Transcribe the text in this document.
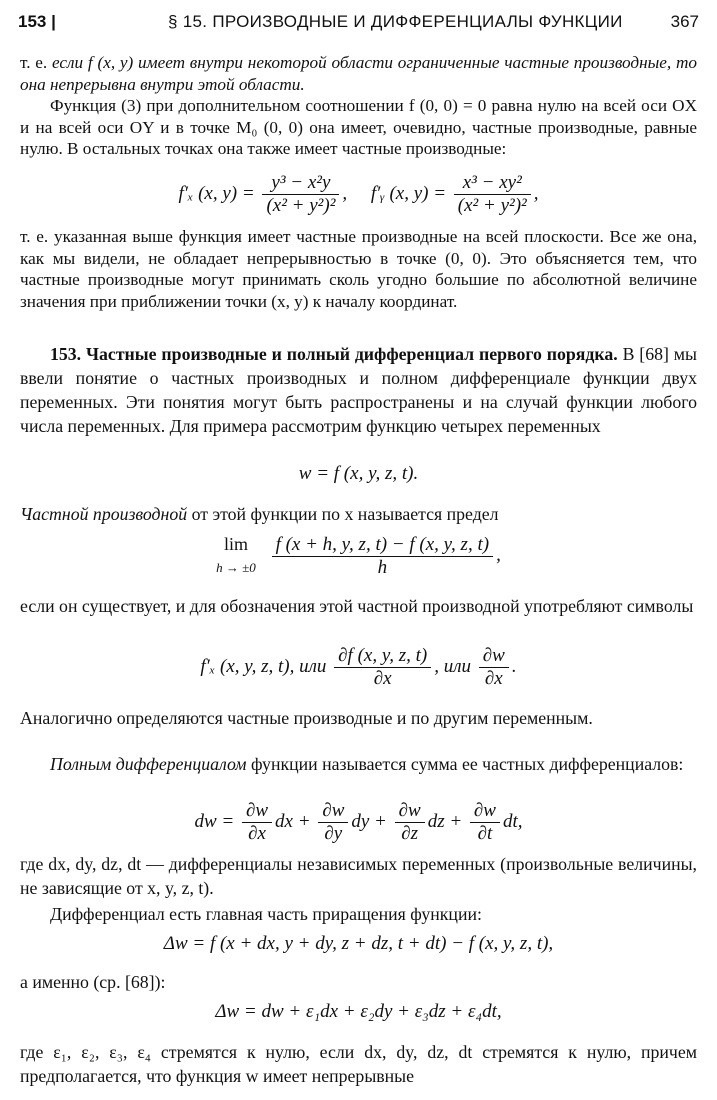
153 |	§ 15. ПРОИЗВОДНЫЕ И ДИФФЕРЕНЦИАЛЫ ФУНКЦИИ	367
т. е. если f (x, y) имеет внутри некоторой области ограниченные частные производные, то она непрерывна внутри этой области.
Функция (3) при дополнительном соотношении f (0, 0) = 0 равна нулю на всей оси OX и на всей оси OY и в точке M₀ (0, 0) она имеет, очевидно, частные производные, равные нулю. В остальных точках она также имеет частные производные:
f′ₓ (x, $y) = \frac{\text{y³ − x²y}}{\text{(x² + y²)²}}$ , f′ᵧ (x, $y) = \frac{\text{x³ − xy²}}{\text{(x² + y²)²}}$ ,
т. е. указанная выше функция имеет частные производные на всей плоскости. Все же она, как мы видели, не обладает непрерывностью в точке (0, 0). Это объясняется тем, что частные производные могут принимать сколь угодно большие по абсолютной величине значения при приближении точки (x, y) к началу координат.
153. Частные производные и полный дифференциал первого порядка. В [68] мы ввели понятие о частных производных и полном дифференциале функции двух переменных. Эти понятия могут быть распространены и на случай функции любого числа переменных. Для примера рассмотрим функцию четырех переменных
w = f (x, y, z, t).
Частной производной от этой функции по x называется предел
lim
h → ±0
$\frac{f (x + h, y, z, t) - f (x, y, z, t)}{h}$ ,
если он существует, и для обозначения этой частной производной употребляют символы
f′ₓ (x, y, z, t), или $\frac{\partial f (x, y, z, t)}{\partial x}$ , или $\frac{\partial w}{\partial x}$ .
Аналогично определяются частные производные и по другим переменным.
Полным дифференциалом функции называется сумма ее частных дифференциалов:
dw = $\frac{\partial w}{\partial x}$ dx + $\frac{\partial w}{\partial y}$ dy + $\frac{\partial w}{\partial z}$ dz + $\frac{\partial w}{\partial t}$ dt,
где dx, dy, dz, dt — дифференциалы независимых переменных (произвольные величины, не зависящие от x, y, z, t).
Дифференциал есть главная часть приращения функции:
Δw = f (x + dx, y + dy, z + dz, t + dt) − f (x, y, z, t),
а именно (ср. [68]):
Δw = dw + ε₁dx + ε₂dy + ε₃dz + ε₄dt,
где ε₁, ε₂, ε₃, ε₄ стремятся к нулю, если dx, dy, dz, dt стремятся к нулю, причем предполагается, что функция w имеет непрерывные
